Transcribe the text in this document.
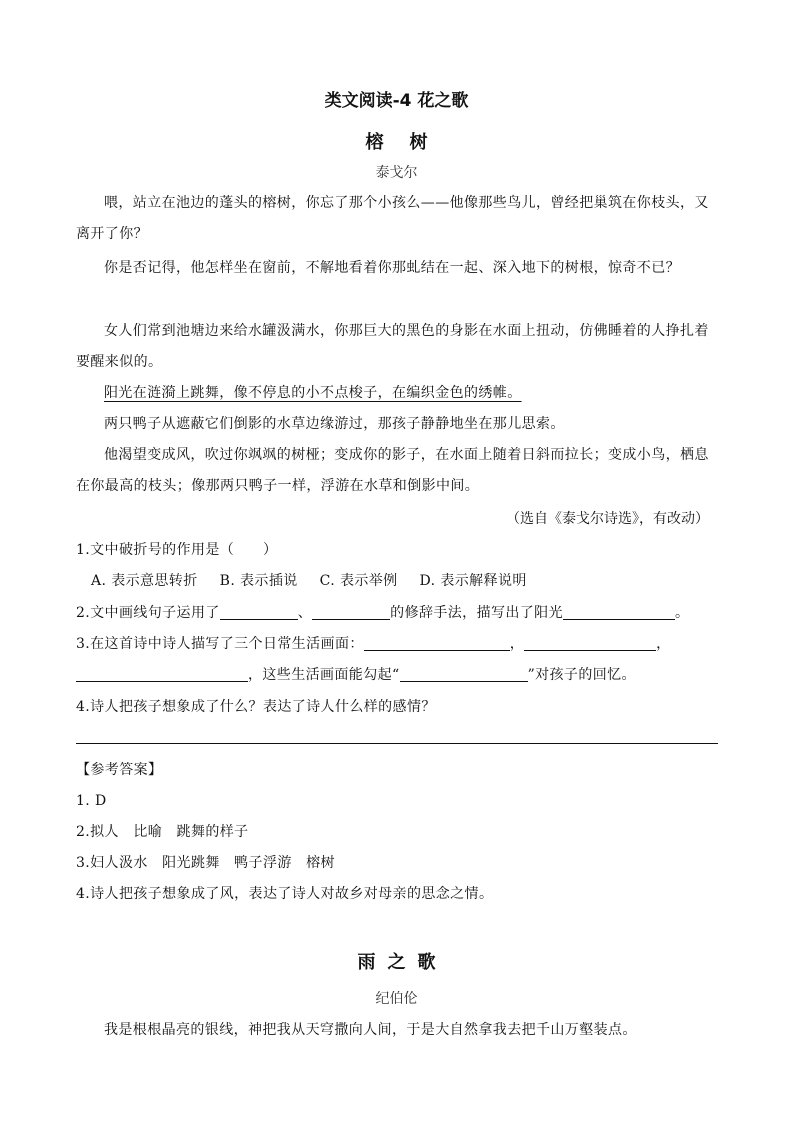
类文阅读-4 花之歌
榕树
泰戈尔

喂，站立在池边的蓬头的榕树，你忘了那个小孩么——他像那些鸟儿，曾经把巢筑在你枝头，又离开了你？

你是否记得，他怎样坐在窗前，不解地看着你那虬结在一起、深入地下的树根，惊奇不已？

女人们常到池塘边来给水罐汲满水，你那巨大的黑色的身影在水面上扭动，仿佛睡着的人挣扎着要醒来似的。

阳光在涟漪上跳舞，像不停息的小不点梭子，在编织金色的绣帷。

两只鸭子从遮蔽它们倒影的水草边缘游过，那孩子静静地坐在那儿思索。

他渴望变成风，吹过你飒飒的树桠；变成你的影子，在水面上随着日斜而拉长；变成小鸟，栖息在你最高的枝头；像那两只鸭子一样，浮游在水草和倒影中间。

（选自《泰戈尔诗选》，有改动）
1.文中破折号的作用是（　　）
A. 表示意思转折 B. 表示插说 C. 表示举例 D. 表示解释说明
2.文中画线句子运用了	、	的修辞手法，描写出了阳光	。
3.在这首诗中诗人描写了三个日常生活画面：	，	，
，这些生活画面能勾起“	”对孩子的回忆。
4.诗人把孩子想象成了什么？表达了诗人什么样的感情？
【参考答案】
1. D
2.拟人　比喻　跳舞的样子
3.妇人汲水　阳光跳舞　鸭子浮游　榕树
4.诗人把孩子想象成了风，表达了诗人对故乡对母亲的思念之情。
雨之歌
纪伯伦
我是根根晶亮的银线，神把我从天穹撒向人间，于是大自然拿我去把千山万壑装点。
